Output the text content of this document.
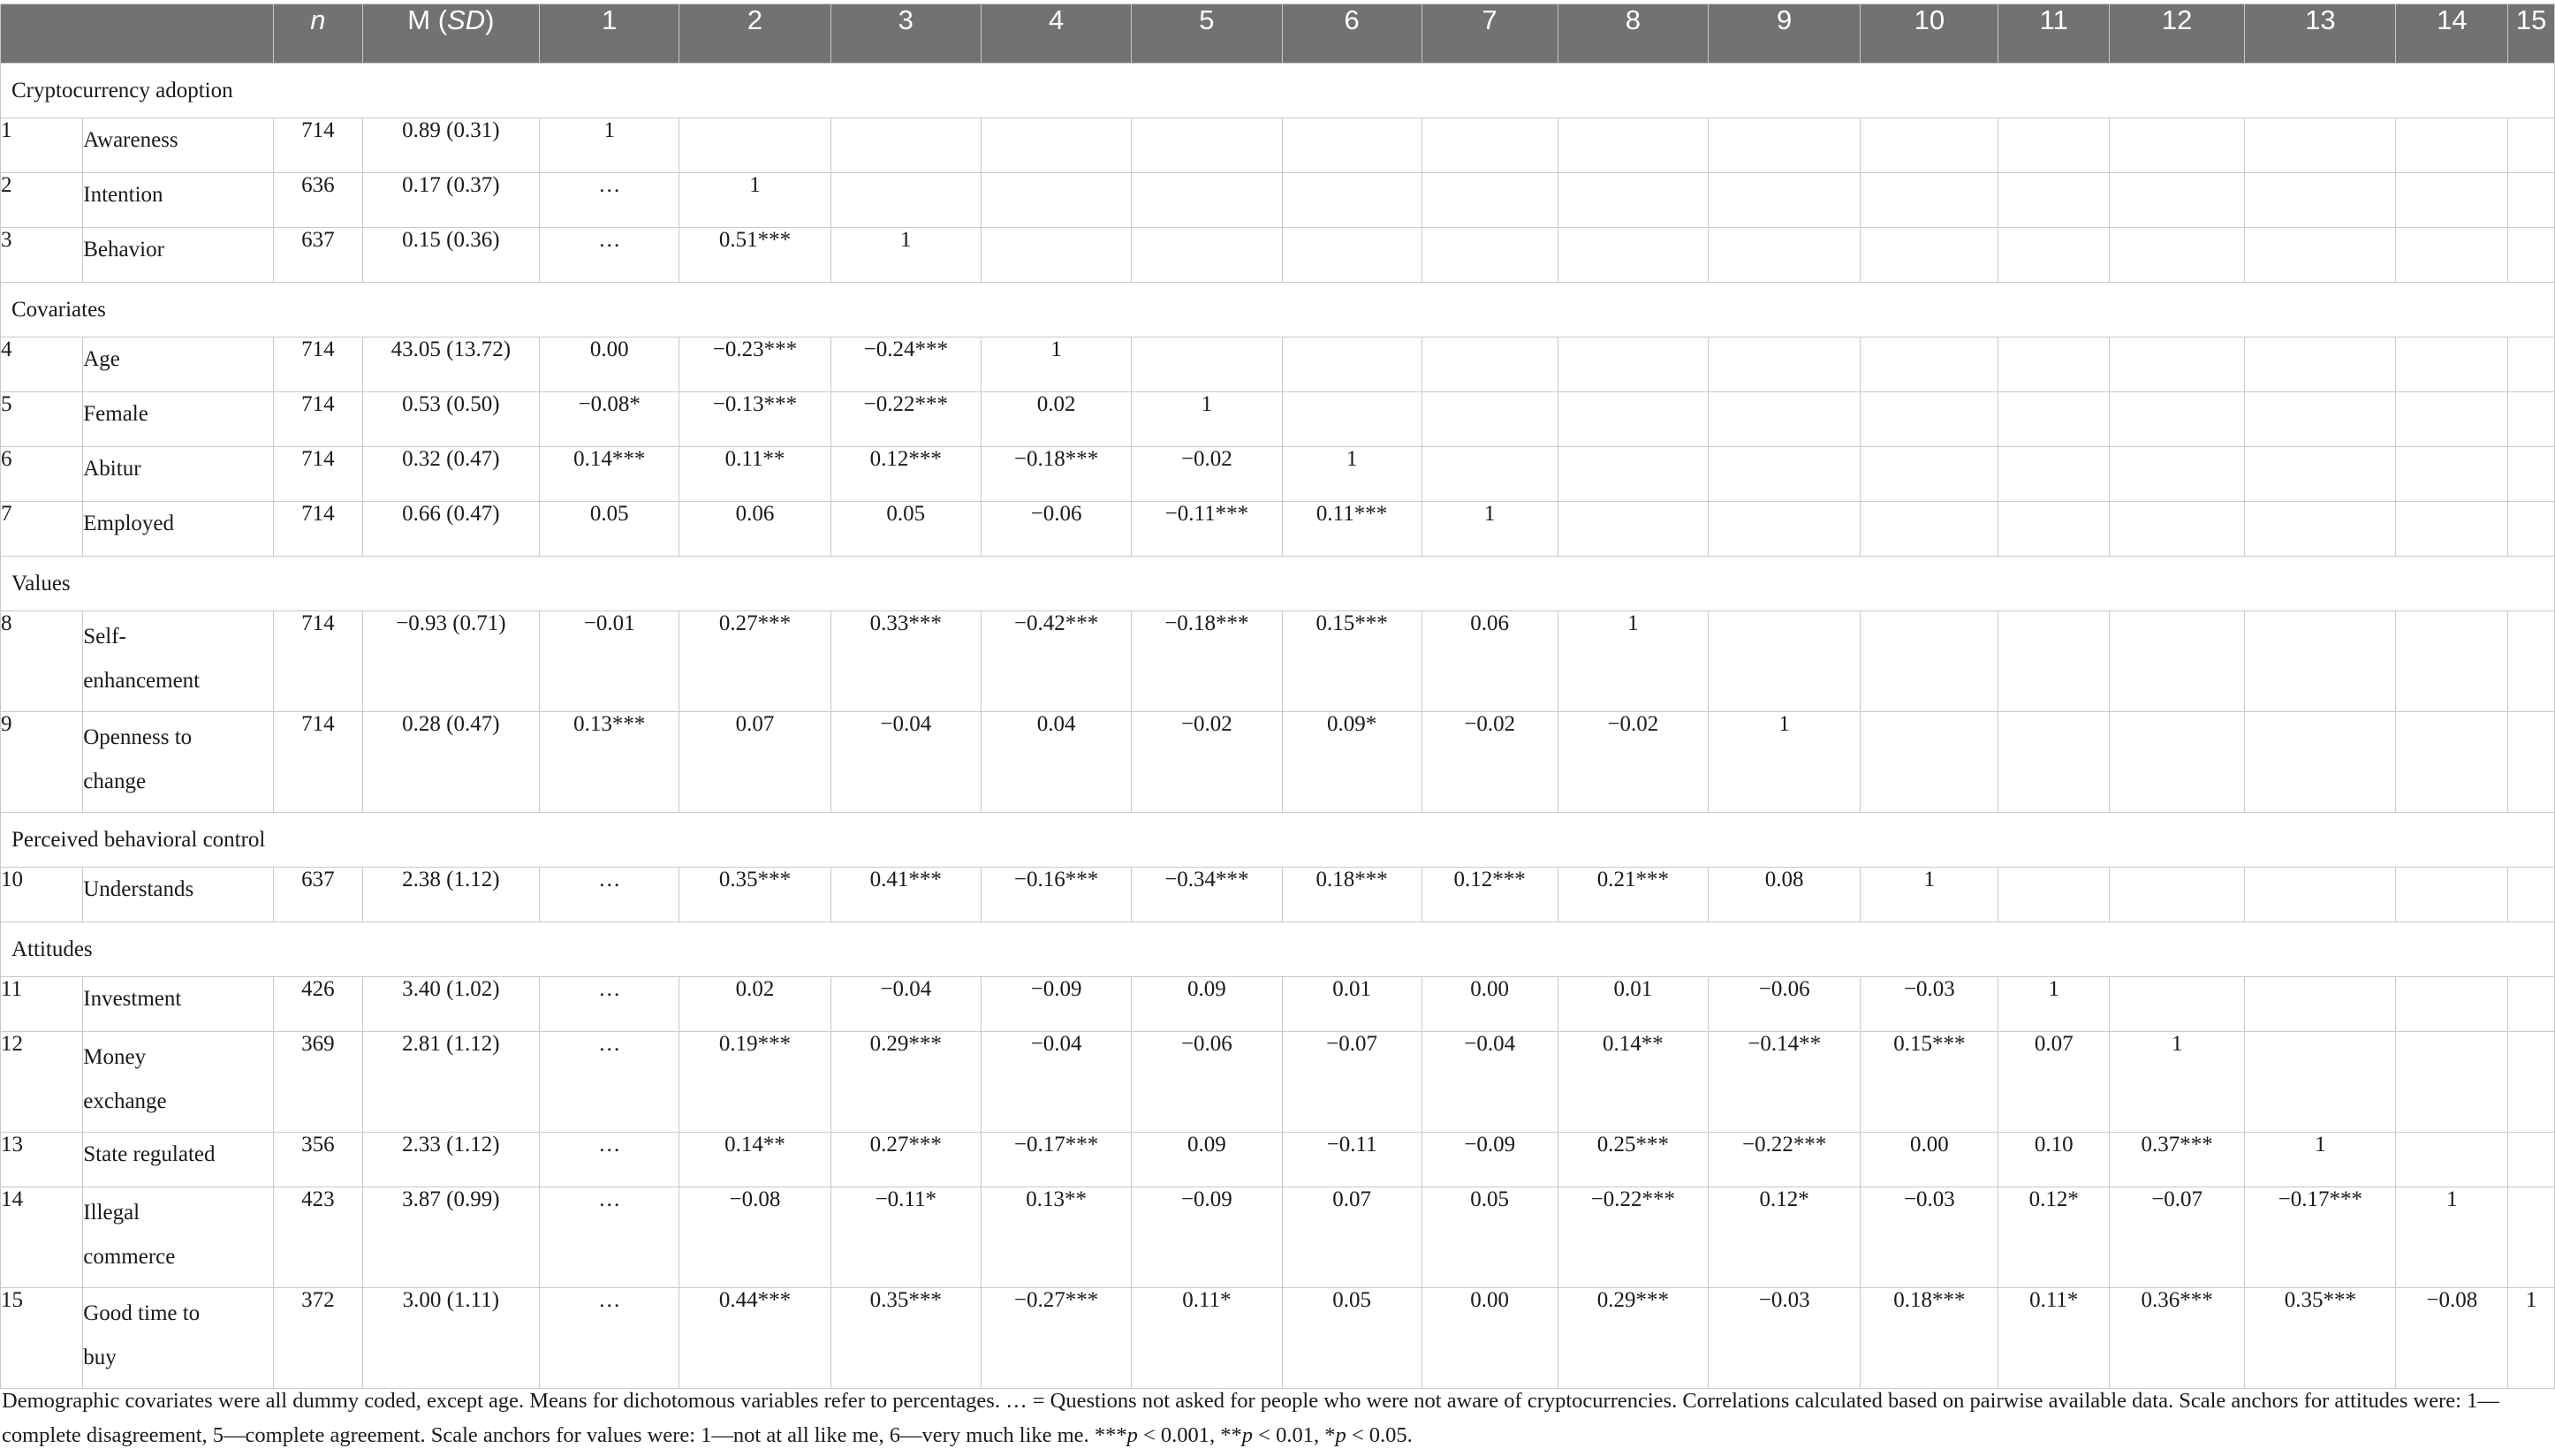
		n	M (SD)	1	2	3	4	5	6	7	8	9	10	11	12	13	14	15
Cryptocurrency adoption																		
1	Awareness	714	0.89 (0.31)	1														
2	Intention	636	0.17 (0.37)	…	1													
3	Behavior	637	0.15 (0.36)	…	0.51***	1												
Covariates																		
4	Age	714	43.05 (13.72)	0.00	−0.23***	−0.24***	1											
5	Female	714	0.53 (0.50)	−0.08*	−0.13***	−0.22***	0.02	1										
6	Abitur	714	0.32 (0.47)	0.14***	0.11**	0.12***	−0.18***	−0.02	1									
7	Employed	714	0.66 (0.47)	0.05	0.06	0.05	−0.06	−0.11***	0.11***	1								
Values																		
8	Self-
enhancement	714	−0.93 (0.71)	−0.01	0.27***	0.33***	−0.42***	−0.18***	0.15***	0.06	1							
9	Openness to
change	714	0.28 (0.47)	0.13***	0.07	−0.04	0.04	−0.02	0.09*	−0.02	−0.02	1						
Perceived behavioral control																		
10	Understands	637	2.38 (1.12)	…	0.35***	0.41***	−0.16***	−0.34***	0.18***	0.12***	0.21***	0.08	1					
Attitudes																		
11	Investment	426	3.40 (1.02)	…	0.02	−0.04	−0.09	0.09	0.01	0.00	0.01	−0.06	−0.03	1				
12	Money
exchange	369	2.81 (1.12)	…	0.19***	0.29***	−0.04	−0.06	−0.07	−0.04	0.14**	−0.14**	0.15***	0.07	1			
13	State regulated	356	2.33 (1.12)	…	0.14**	0.27***	−0.17***	0.09	−0.11	−0.09	0.25***	−0.22***	0.00	0.10	0.37***	1		
14	Illegal
commerce	423	3.87 (0.99)	…	−0.08	−0.11*	0.13**	−0.09	0.07	0.05	−0.22***	0.12*	−0.03	0.12*	−0.07	−0.17***	1	
15	Good time to
buy	372	3.00 (1.11)	…	0.44***	0.35***	−0.27***	0.11*	0.05	0.00	0.29***	−0.03	0.18***	0.11*	0.36***	0.35***	−0.08	1
Demographic covariates were all dummy coded, except age. Means for dichotomous variables refer to percentages. … = Questions not asked for people who were not aware of cryptocurrencies. Correlations calculated based on pairwise available data. Scale anchors for attitudes were: 1—complete disagreement, 5—complete agreement. Scale anchors for values were: 1—not at all like me, 6—very much like me. ***p < 0.001, **p < 0.01, *p < 0.05.
